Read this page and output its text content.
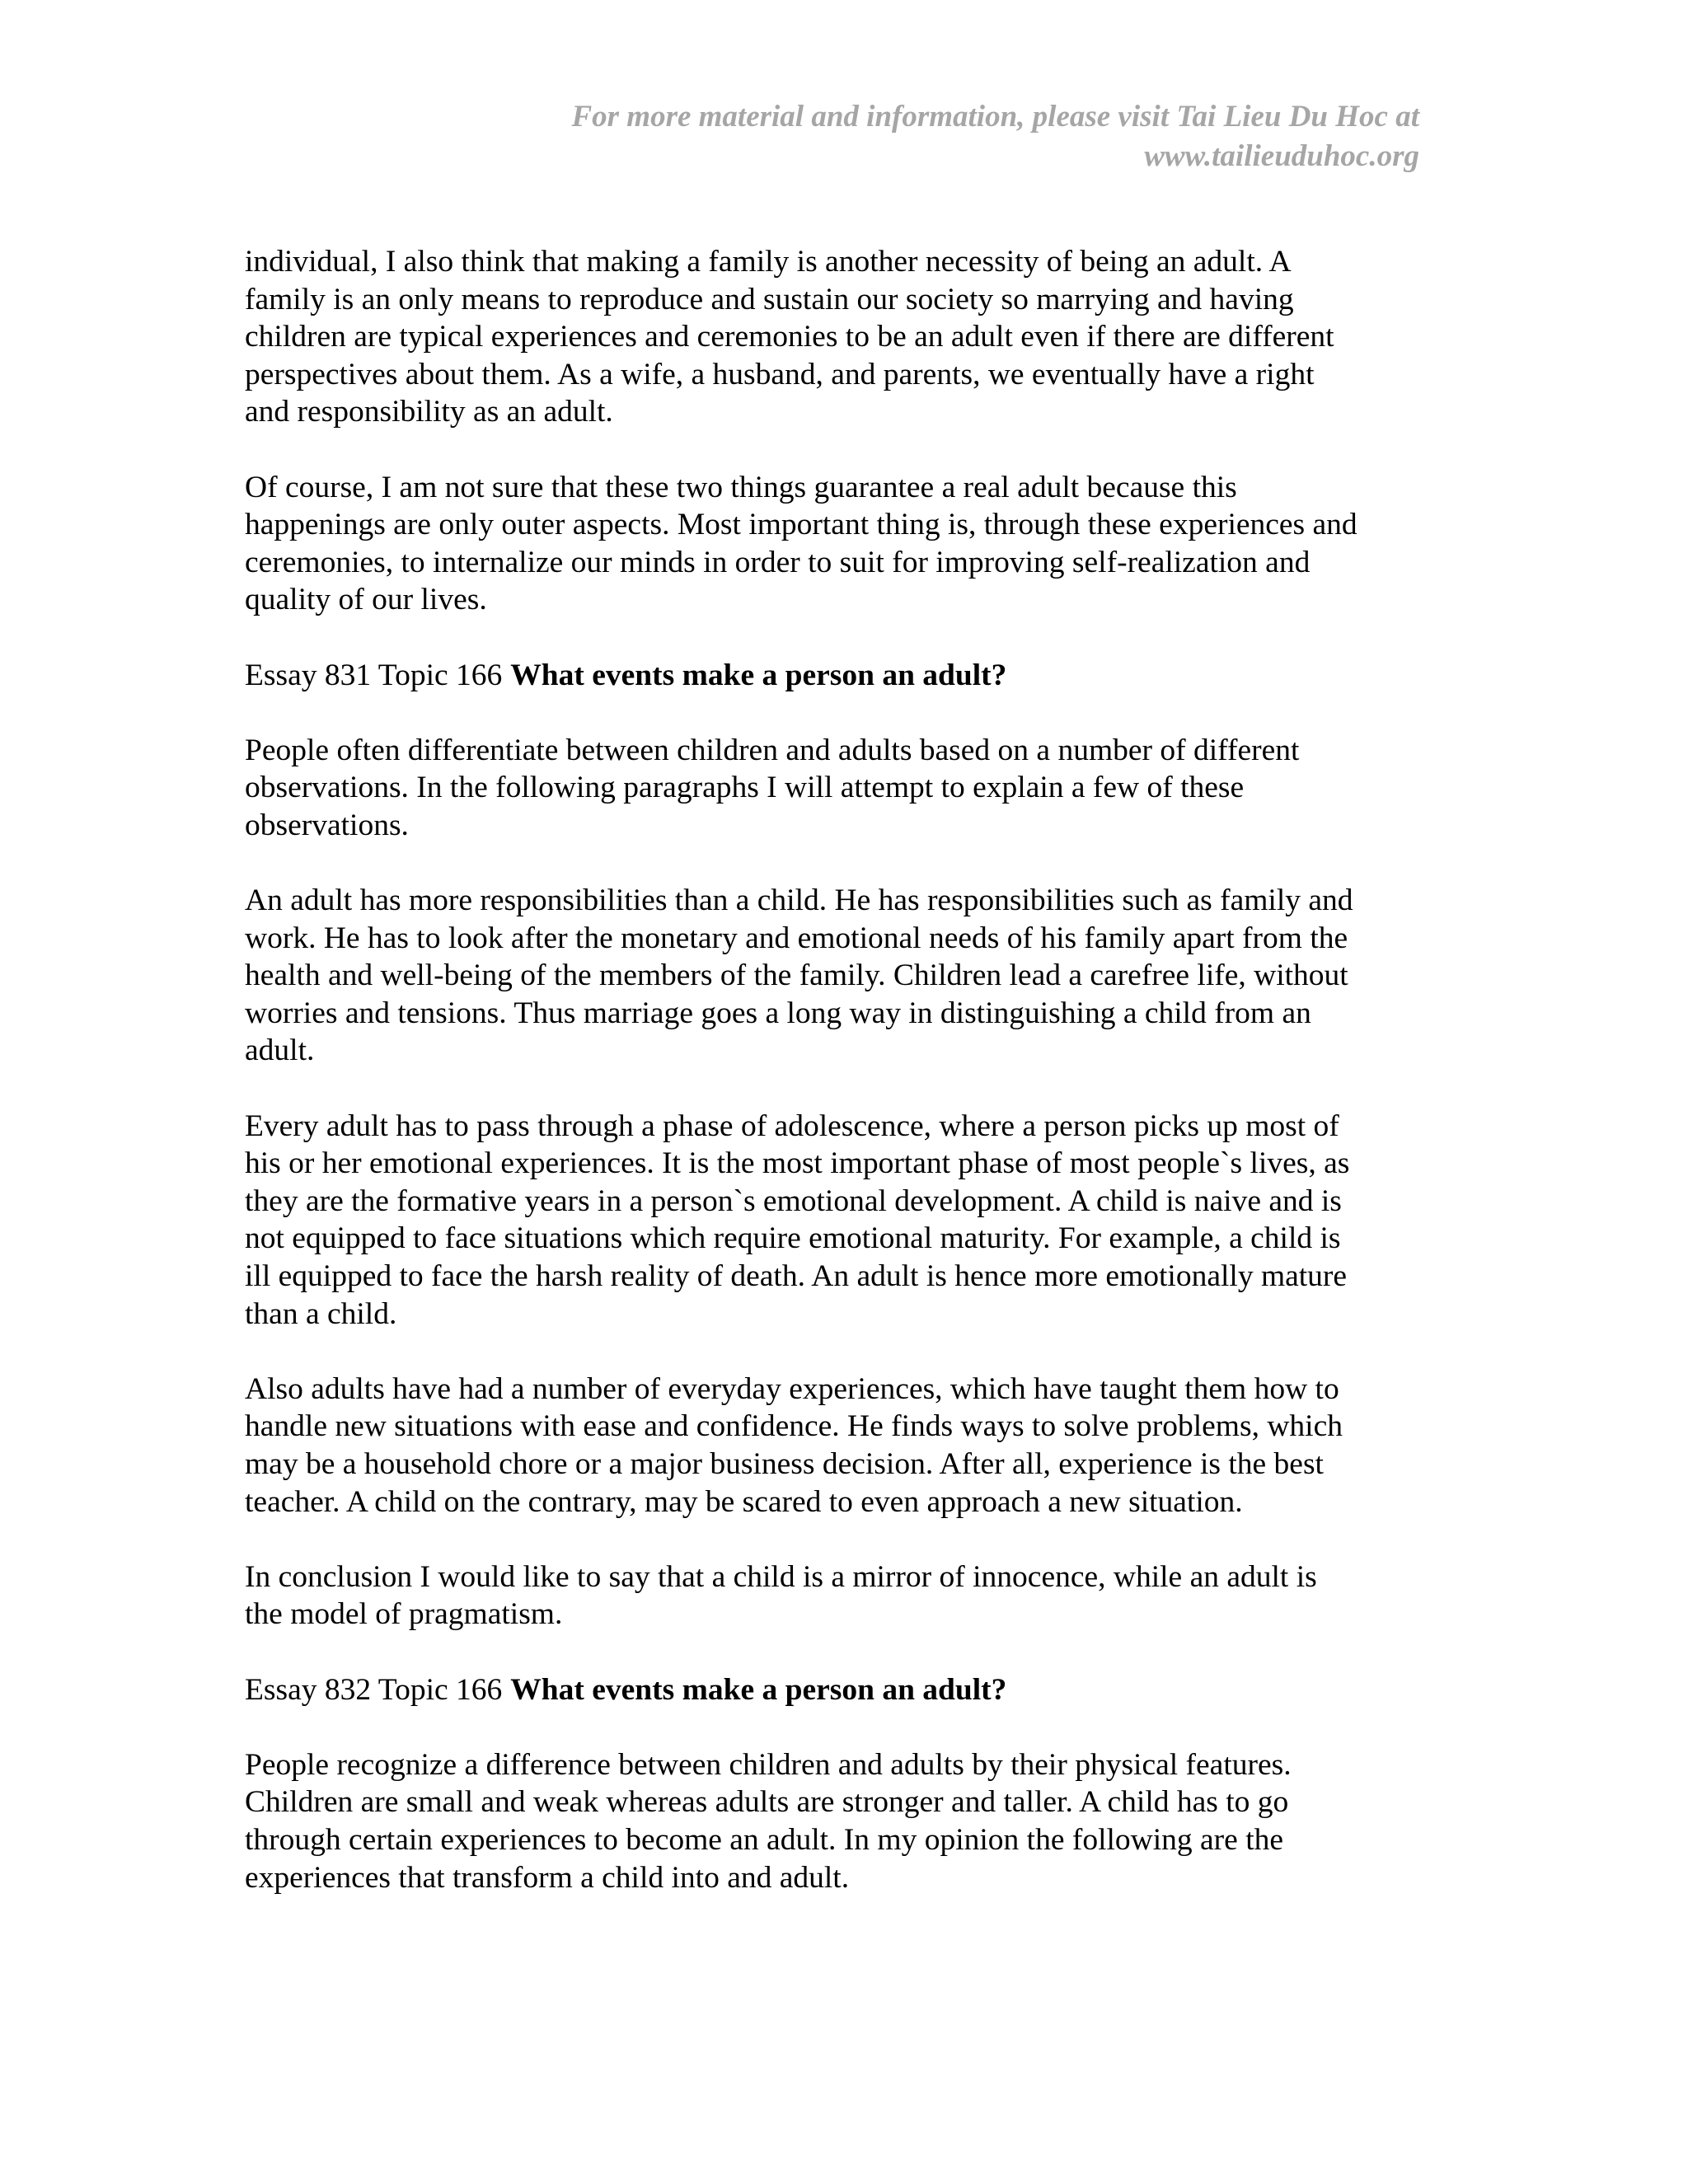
For more material and information, please visit Tai Lieu Du Hoc at
www.tailieuduhoc.org
individual, I also think that making a family is another necessity of being an adult. A
family is an only means to reproduce and sustain our society so marrying and having
children are typical experiences and ceremonies to be an adult even if there are different
perspectives about them. As a wife, a husband, and parents, we eventually have a right
and responsibility as an adult.
Of course, I am not sure that these two things guarantee a real adult because this
happenings are only outer aspects. Most important thing is, through these experiences and
ceremonies, to internalize our minds in order to suit for improving self-realization and
quality of our lives.
Essay 831 Topic 166 What events make a person an adult?
People often differentiate between children and adults based on a number of different
observations. In the following paragraphs I will attempt to explain a few of these
observations.
An adult has more responsibilities than a child. He has responsibilities such as family and
work. He has to look after the monetary and emotional needs of his family apart from the
health and well-being of the members of the family. Children lead a carefree life, without
worries and tensions. Thus marriage goes a long way in distinguishing a child from an
adult.
Every adult has to pass through a phase of adolescence, where a person picks up most of
his or her emotional experiences. It is the most important phase of most people`s lives, as
they are the formative years in a person`s emotional development. A child is naive and is
not equipped to face situations which require emotional maturity. For example, a child is
ill equipped to face the harsh reality of death. An adult is hence more emotionally mature
than a child.
Also adults have had a number of everyday experiences, which have taught them how to
handle new situations with ease and confidence. He finds ways to solve problems, which
may be a household chore or a major business decision. After all, experience is the best
teacher. A child on the contrary, may be scared to even approach a new situation.
In conclusion I would like to say that a child is a mirror of innocence, while an adult is
the model of pragmatism.
Essay 832 Topic 166 What events make a person an adult?
People recognize a difference between children and adults by their physical features.
Children are small and weak whereas adults are stronger and taller. A child has to go
through certain experiences to become an adult. In my opinion the following are the
experiences that transform a child into and adult.
